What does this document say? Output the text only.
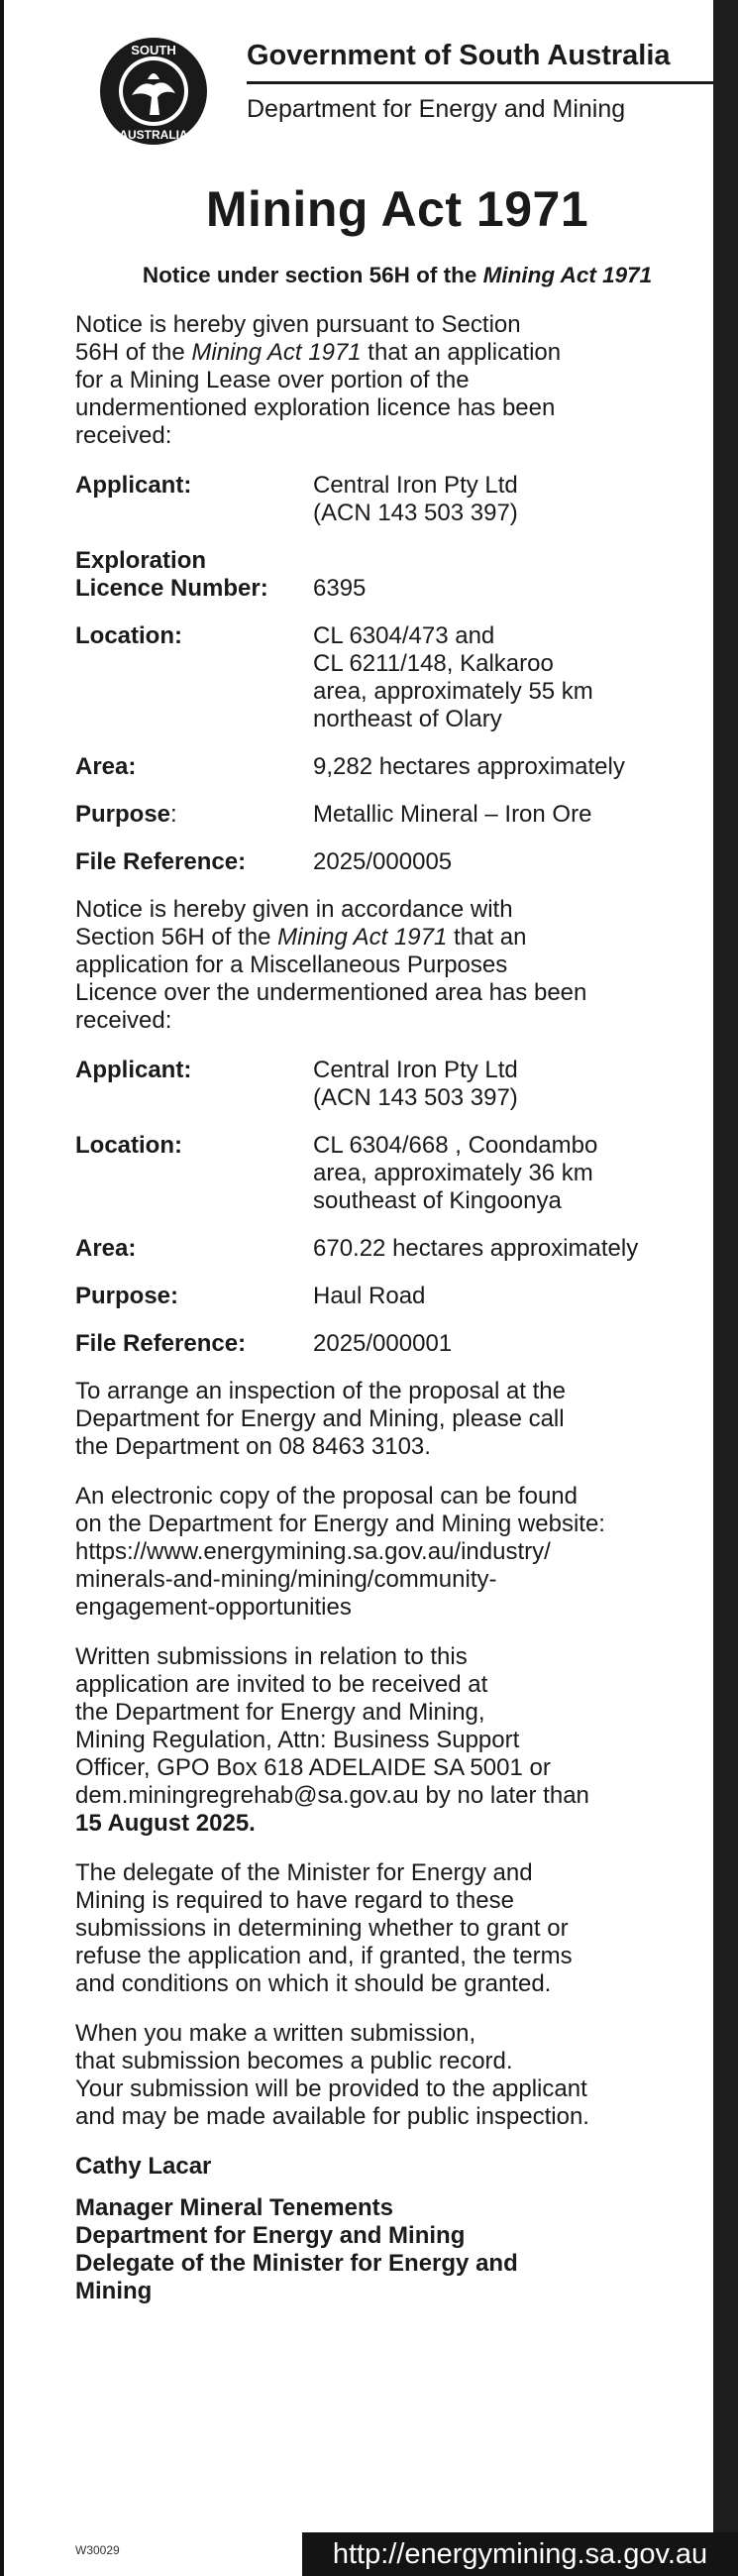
SOUTH
AUSTRALIA
Government of South Australia
Department for Energy and Mining
Mining Act 1971
Notice under section 56H of the Mining Act 1971

Notice is hereby given pursuant to Section

56H of the Mining Act 1971 that an application

for a Mining Lease over portion of the

undermentioned exploration licence has been

received:

Applicant:	Central Iron Pty Ltd

(ACN 143 503 397)

Exploration
Licence Number:

	6395

Location:	CL 6304/473 and

CL 6211/148, Kalkaroo

area, approximately 55 km

northeast of Olary

Area:	9,282 hectares approximately
Purpose:	Metallic Mineral – Iron Ore
File Reference:	2025/000005

Notice is hereby given in accordance with

Section 56H of the Mining Act 1971 that an

application for a Miscellaneous Purposes

Licence over the undermentioned area has been

received:

Applicant:	Central Iron Pty Ltd

(ACN 143 503 397)

Location:	CL 6304/668 , Coondambo

area, approximately 36 km

southeast of Kingoonya

Area:	670.22 hectares approximately
Purpose:	Haul Road
File Reference:	2025/000001

To arrange an inspection of the proposal at the

Department for Energy and Mining, please call

the Department on 08 8463 3103.

An electronic copy of the proposal can be found

on the Department for Energy and Mining website:

https://www.energymining.sa.gov.au/industry/

minerals-and-mining/mining/community-

engagement-opportunities

Written submissions in relation to this

application are invited to be received at

the Department for Energy and Mining,

Mining Regulation, Attn: Business Support

Officer, GPO Box 618 ADELAIDE SA 5001 or

dem.miningregrehab@sa.gov.au by no later than

15 August 2025.

The delegate of the Minister for Energy and

Mining is required to have regard to these

submissions in determining whether to grant or

refuse the application and, if granted, the terms

and conditions on which it should be granted.

When you make a written submission,

that submission becomes a public record.

Your submission will be provided to the applicant

and may be made available for public inspection.

Cathy Lacar

Manager Mineral Tenements

Department for Energy and Mining

Delegate of the Minister for Energy and

Mining

W30029	http://energymining.sa.gov.au
